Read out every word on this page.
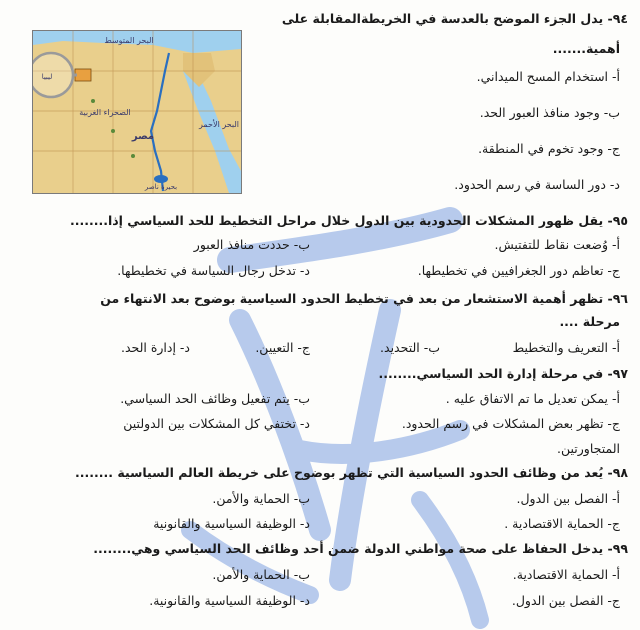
البحر المتوسط
الصحراء الغربية
مصر
البحر الأحمر
بحيرة ناصر
ليبيا
٩٤- يدل الجزء الموضح بالعدسة في الخريطةالمقابلة على
أهمية.......
أ- استخدام المسح الميداني.
ب- وجود منافذ العبور الحد.
ج- وجود تخوم في المنطقة.
د- دور الساسة في رسم الحدود.
٩٥- يقل ظهور المشكلات الحدودية بين الدول خلال مراحل التخطيط للحد السياسي إذا........
أ- وُضعت نقاط للتفتيش.
ب- حددت منافذ العبور
ج- تعاظم دور الجغرافيين في تخطيطها.
د- تدخل رجال السياسة في تخطيطها.
٩٦- تظهر أهمية الاستشعار من بعد في تخطيط الحدود السياسية بوضوح بعد الانتهاء من
مرحلة ....
أ- التعريف والتخطيط
ب- التحديد.
ج- التعيين.
د- إدارة الحد.
٩٧- في مرحلة إدارة الحد السياسي........
أ- يمكن تعديل ما تم الاتفاق عليه .
ب- يتم تفعيل وظائف الحد السياسي.
ج- تظهر بعض المشكلات في رسم الحدود.
د- تختفي كل المشكلات بين الدولتين
المتجاورتين.
٩٨- يُعد من وظائف الحدود السياسية التي تظهر بوضوح على خريطة العالم السياسية ........
أ- الفصل بين الدول.
ب- الحماية والأمن.
ج- الحماية الاقتصادية .
د- الوظيفة السياسية والقانونية
٩٩- يدخل الحفاظ على صحة مواطني الدولة ضمن أحد وظائف الحد السياسي وهي........
أ- الحماية الاقتصادية.
ب- الحماية والأمن.
ج- الفصل بين الدول.
د- الوظيفة السياسية والقانونية.
